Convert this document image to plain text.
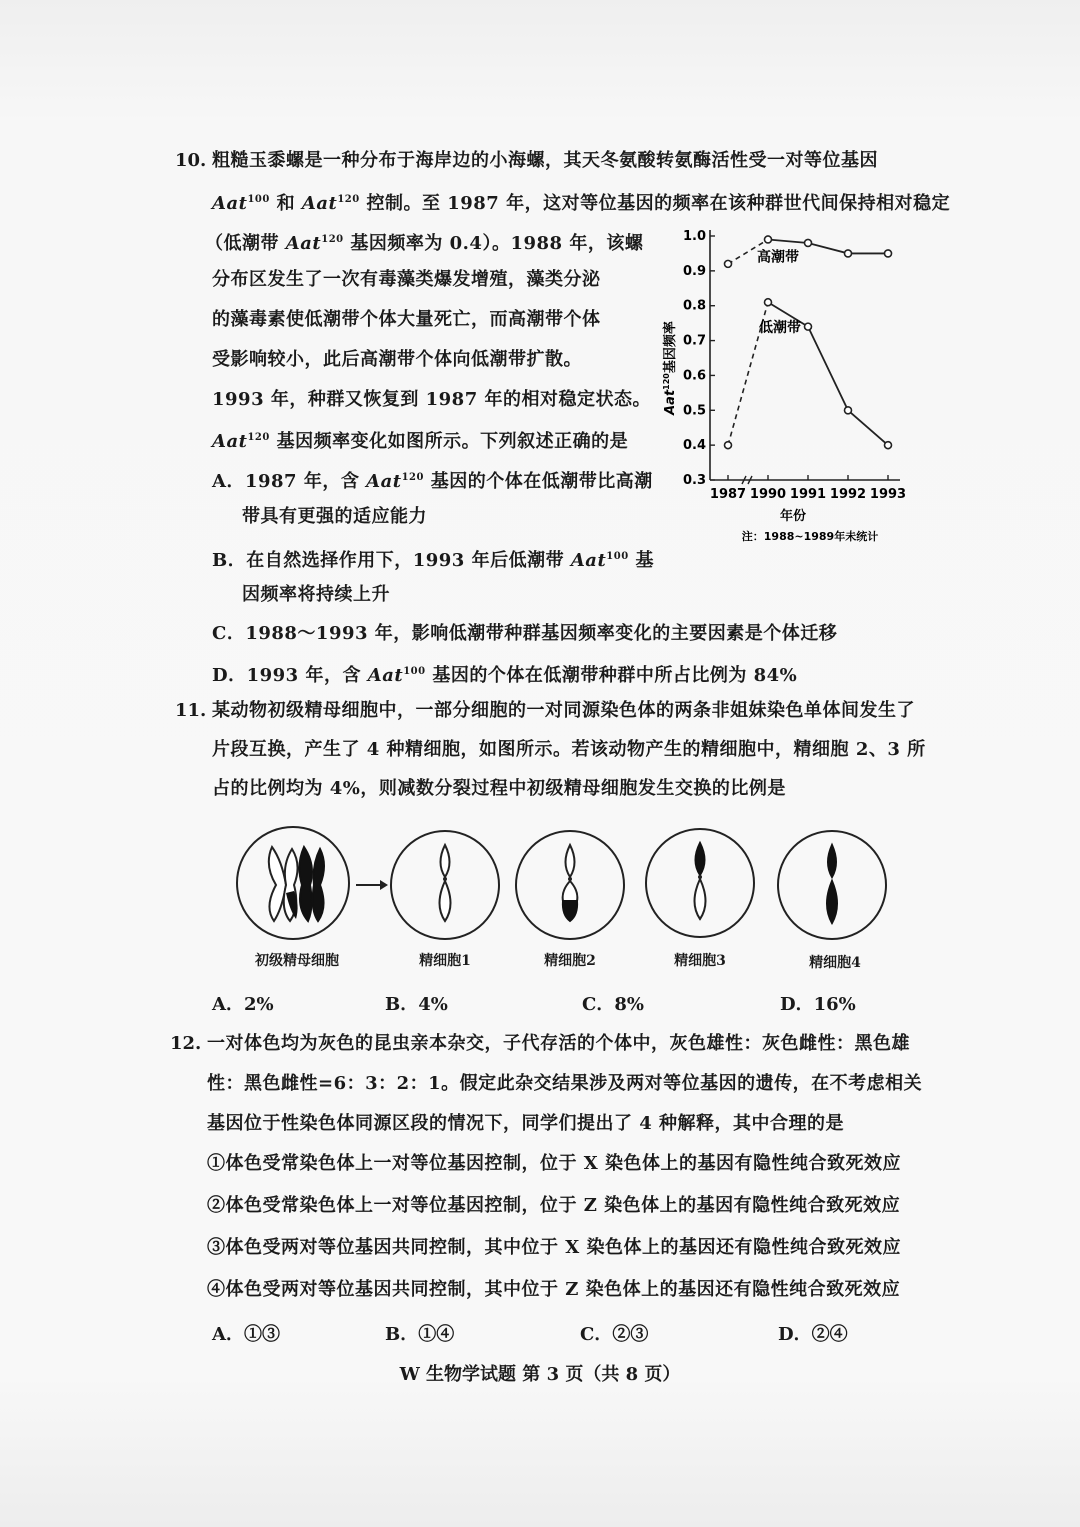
10. 粗糙玉黍螺是一种分布于海岸边的小海螺，其天冬氨酸转氨酶活性受一对等位基因
Aat$^{100}$ 和 Aat$^{120}$ 控制。至 1987 年，这对等位基因的频率在该种群世代间保持相对稳定
（低潮带 Aat$^{120}$ 基因频率为 0.4）。1988 年，该螺
分布区发生了一次有毒藻类爆发增殖，藻类分泌
的藻毒素使低潮带个体大量死亡，而高潮带个体
受影响较小，此后高潮带个体向低潮带扩散。
1993 年，种群又恢复到 1987 年的相对稳定状态。
Aat$^{120}$ 基因频率变化如图所示。下列叙述正确的是
A．1987 年，含 Aat$^{120}$ 基因的个体在低潮带比高潮
带具有更强的适应能力
B．在自然选择作用下，1993 年后低潮带 Aat$^{100}$ 基
因频率将持续上升
C．1988～1993 年，影响低潮带种群基因频率变化的主要因素是个体迁移
D．1993 年，含 Aat$^{100}$ 基因的个体在低潮带种群中所占比例为 84%
0.3
0.4
0.5
0.6
0.7
0.8
0.9
1.0
1987 1990 1991 1992 1993
高潮带
低潮带
Aat$^{120}$基因频率
年份
注：1988~1989年未统计
11. 某动物初级精母细胞中，一部分细胞的一对同源染色体的两条非姐妹染色单体间发生了
片段互换，产生了 4 种精细胞，如图所示。若该动物产生的精细胞中，精细胞 2、3 所
占的比例均为 4%，则减数分裂过程中初级精母细胞发生交换的比例是
初级精母细胞	精细胞1	精细胞2	精细胞3	精细胞4
A．2%	B．4%	C．8%	D．16%
12. 一对体色均为灰色的昆虫亲本杂交，子代存活的个体中，灰色雄性：灰色雌性：黑色雄
性：黑色雌性=6：3：2：1。假定此杂交结果涉及两对等位基因的遗传，在不考虑相关
基因位于性染色体同源区段的情况下，同学们提出了 4 种解释，其中合理的是
①体色受常染色体上一对等位基因控制，位于 X 染色体上的基因有隐性纯合致死效应
②体色受常染色体上一对等位基因控制，位于 Z 染色体上的基因有隐性纯合致死效应
③体色受两对等位基因共同控制，其中位于 X 染色体上的基因还有隐性纯合致死效应
④体色受两对等位基因共同控制，其中位于 Z 染色体上的基因还有隐性纯合致死效应
A．①③	B．①④	C．②③	D．②④
W 生物学试题 第 3 页（共 8 页）
